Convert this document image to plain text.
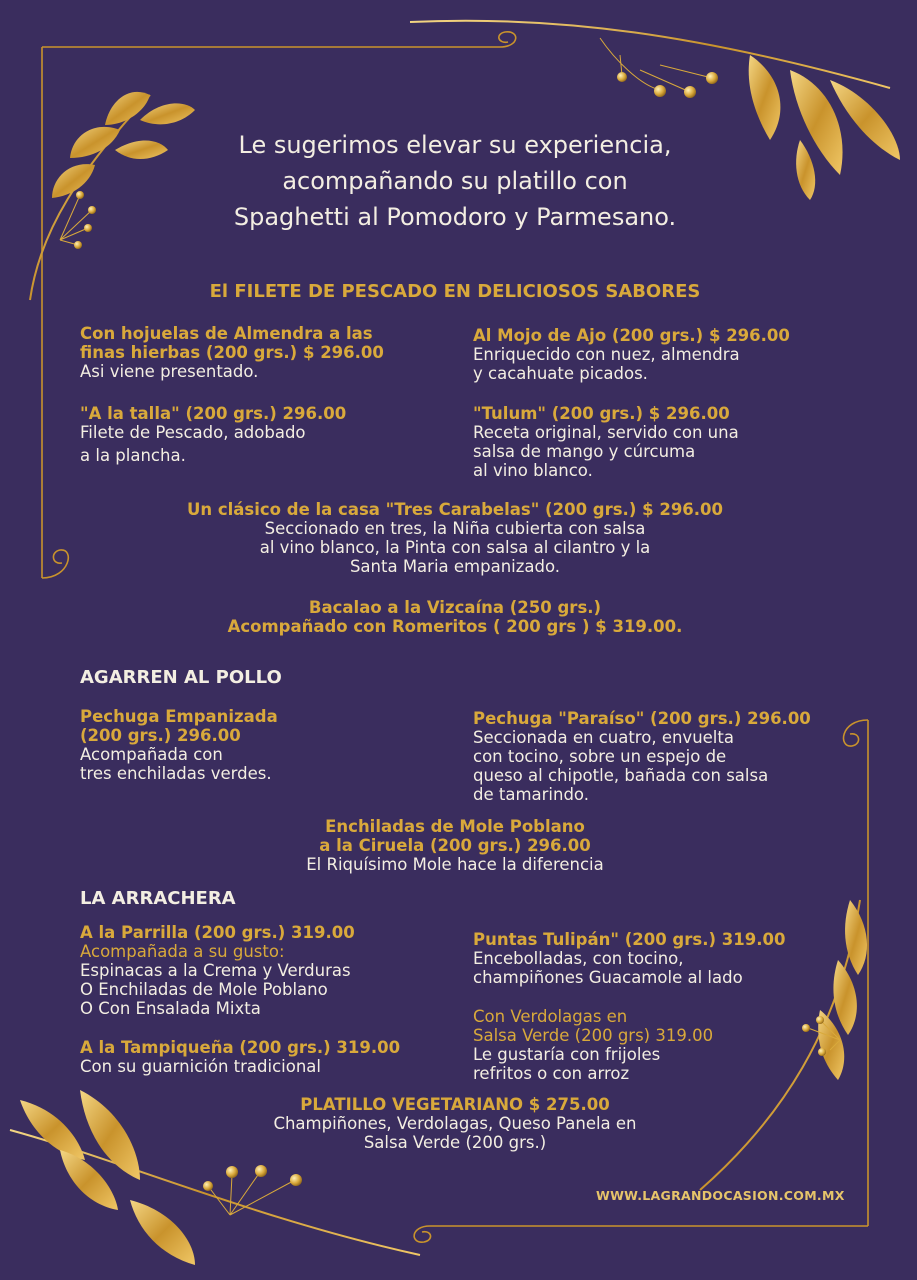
Le sugerimos elevar su experiencia,
acompañando su platillo con
Spaghetti al Pomodoro y Parmesano.
El FILETE DE PESCADO EN DELICIOSOS SABORES
Con hojuelas de Almendra a las
finas hierbas (200 grs.) $ 296.00
Asi viene presentado.
Al Mojo de Ajo (200 grs.) $ 296.00
Enriquecido con nuez, almendra
y cacahuate picados.
"A la talla" (200 grs.) 296.00
Filete de Pescado, adobado
a la plancha.
"Tulum" (200 grs.) $ 296.00
Receta original, servido con una
salsa de mango y cúrcuma
al vino blanco.
Un clásico de la casa "Tres Carabelas" (200 grs.) $ 296.00
Seccionado en tres, la Niña cubierta con salsa
al vino blanco, la Pinta con salsa al cilantro y la
Santa Maria empanizado.
Bacalao a la Vizcaína (250 grs.)
Acompañado con Romeritos ( 200 grs ) $ 319.00.
AGARREN AL POLLO
Pechuga Empanizada
(200 grs.) 296.00
Acompañada con
tres enchiladas verdes.
Pechuga "Paraíso" (200 grs.) 296.00
Seccionada en cuatro, envuelta
con tocino, sobre un espejo de
queso al chipotle, bañada con salsa
de tamarindo.
Enchiladas de Mole Poblano
a la Ciruela (200 grs.) 296.00
El Riquísimo Mole hace la diferencia
LA ARRACHERA
A la Parrilla (200 grs.) 319.00
Acompañada a su gusto:
Espinacas a la Crema y Verduras
O Enchiladas de Mole Poblano
O Con Ensalada Mixta
Puntas Tulipán" (200 grs.) 319.00
Encebolladas, con tocino,
champiñones Guacamole al lado
A la Tampiqueña (200 grs.) 319.00
Con su guarnición tradicional
Con Verdolagas en
Salsa Verde (200 grs) 319.00
Le gustaría con frijoles
refritos o con arroz
PLATILLO VEGETARIANO $ 275.00
Champiñones, Verdolagas, Queso Panela en
Salsa Verde (200 grs.)
WWW.LAGRANDOCASION.COM.MX
